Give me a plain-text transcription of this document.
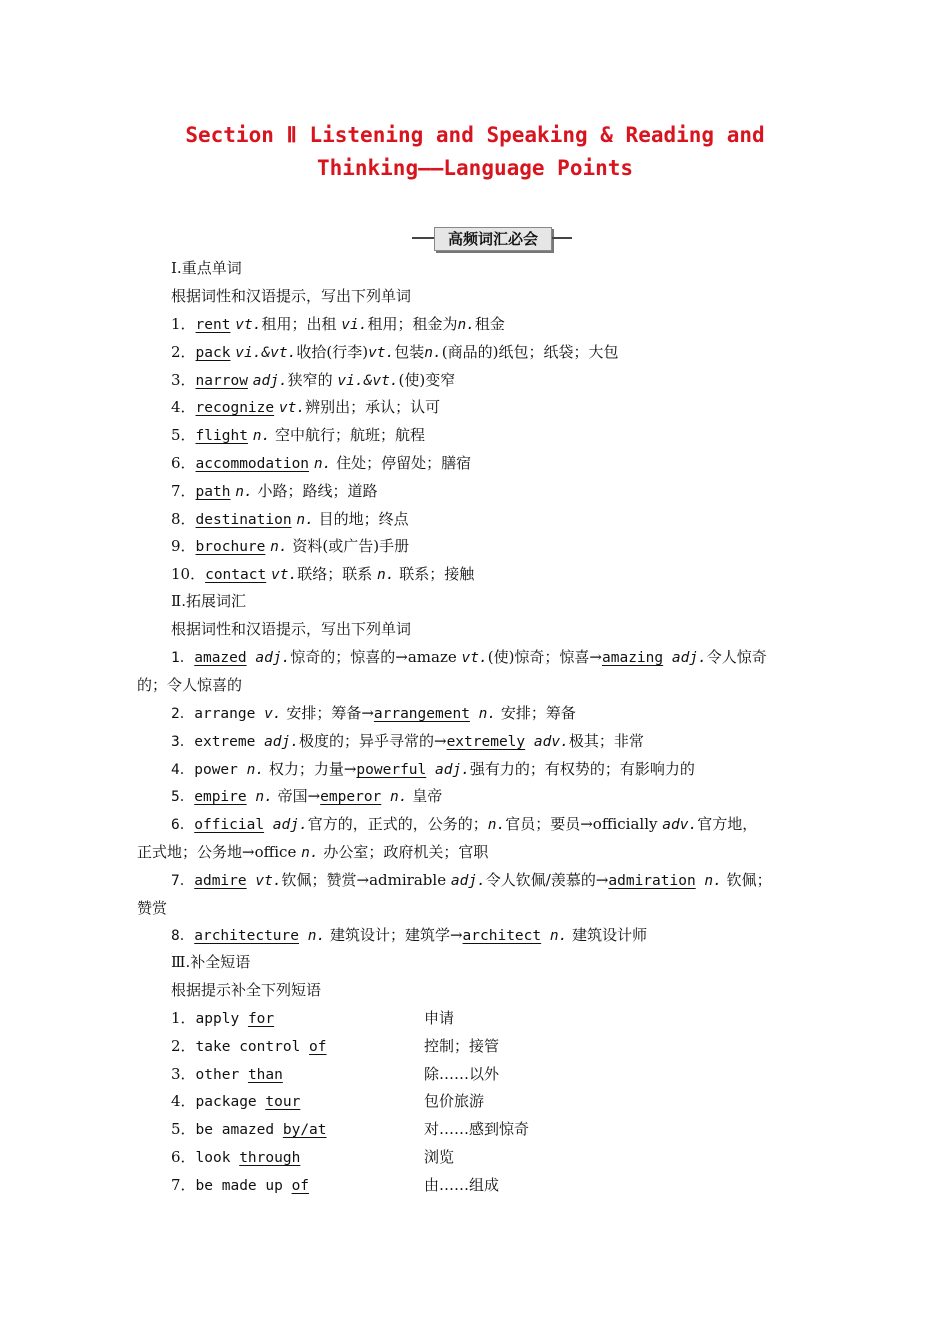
Section Ⅱ Listening and Speaking & Reading and
Thinking——Language Points
高频词汇必会
Ⅰ.重点单词
根据词性和汉语提示，写出下列单词
1．rent vt.租用；出租 vi.租用；租金为n.租金
2．pack vi.&vt.收拾(行李)vt.包装n.(商品的)纸包；纸袋；大包
3．narrow adj.狭窄的 vi.&vt.(使)变窄
4．recognize vt.辨别出；承认；认可
5．flight n. 空中航行；航班；航程
6．accommodation n. 住处；停留处；膳宿
7．path n. 小路；路线；道路
8．destination n. 目的地；终点
9．brochure n. 资料(或广告)手册
10．contact vt.联络；联系 n. 联系；接触
Ⅱ.拓展词汇
根据词性和汉语提示，写出下列单词
1．amazed adj.惊奇的；惊喜的→amaze vt.(使)惊奇；惊喜→amazing adj.令人惊奇
的；令人惊喜的
2．arrange v. 安排；筹备→arrangement n. 安排；筹备
3．extreme adj.极度的；异乎寻常的→extremely adv.极其；非常
4．power n. 权力；力量→powerful adj.强有力的；有权势的；有影响力的
5．empire n. 帝国→emperor n. 皇帝
6．official adj.官方的，正式的，公务的；n.官员；要员→officially adv.官方地，
正式地；公务地→office n. 办公室；政府机关；官职
7．admire vt.钦佩；赞赏→admirable adj.令人钦佩/羡慕的→admiration n. 钦佩；
赞赏
8．architecture n. 建筑设计；建筑学→architect n. 建筑设计师
Ⅲ.补全短语
根据提示补全下列短语
1．apply for	申请
2．take control of	控制；接管
3．other than	除……以外
4．package tour	包价旅游
5．be amazed by/at	对……感到惊奇
6．look through	浏览
7．be made up of	由……组成
